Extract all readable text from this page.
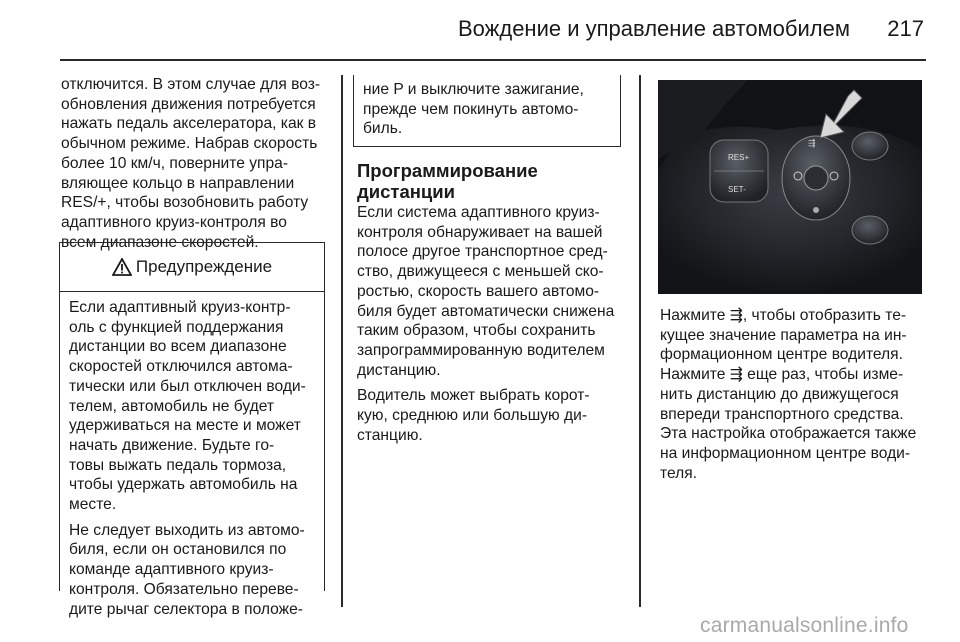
Вождение и управление автомобилем	217

отключится. В этом случае для воз-
обновления движения потребуется
нажать педаль акселератора, как в
обычном режиме. Набрав скорость
более 10 км/ч, поверните упра-
вляющее кольцо в направлении
RES/+, чтобы возобновить работу
адаптивного круиз-контроля во
всем диапазоне скоростей.

Предупреждение

Если адаптивный круиз-контр-
оль с функцией поддержания
дистанции во всем диапазоне
скоростей отключился автома-
тически или был отключен води-
телем, автомобиль не будет
удерживаться на месте и может
начать движение. Будьте го-
товы выжать педаль тормоза,
чтобы удержать автомобиль на
месте.

Не следует выходить из автомо-
биля, если он остановился по
команде адаптивного круиз-
контроля. Обязательно переве-
дите рычаг селектора в положе-

ние P и выключите зажигание,
прежде чем покинуть автомо-
биль.

Программирование
дистанции

Если система адаптивного круиз-
контроля обнаруживает на вашей
полосе другое транспортное сред-
ство, движущееся с меньшей ско-
ростью, скорость вашего автомо-
биля будет автоматически снижена
таким образом, чтобы сохранить
запрограммированную водителем
дистанцию.

Водитель может выбрать корот-
кую, среднюю или большую ди-
станцию.

RES+
SET-
⇶

Нажмите ⇶, чтобы отобразить те-
кущее значение параметра на ин-
формационном центре водителя.
Нажмите ⇶ еще раз, чтобы изме-
нить дистанцию до движущегося
впереди транспортного средства.
Эта настройка отображается также
на информационном центре води-
теля.

carmanualsonline.info
